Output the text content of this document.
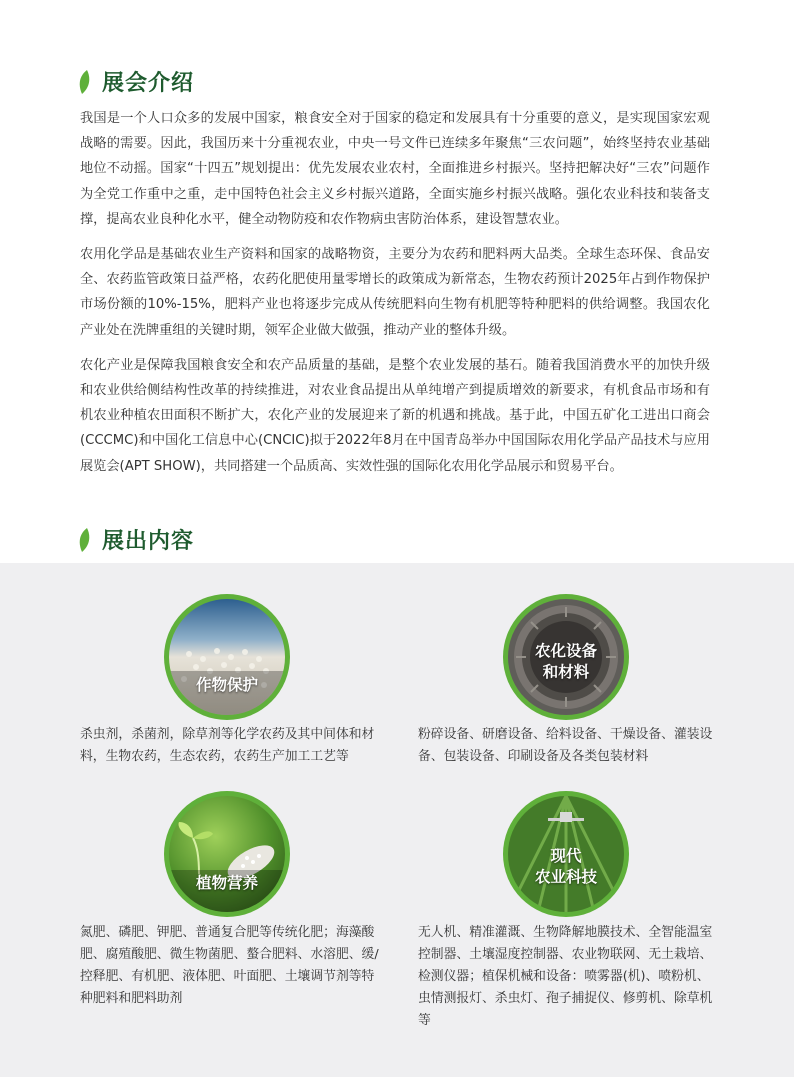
展会介绍

我国是一个人口众多的发展中国家，粮食安全对于国家的稳定和发展具有十分重要的意义，是实现国家宏观战略的需要。因此，我国历来十分重视农业，中央一号文件已连续多年聚焦“三农问题”，始终坚持农业基础地位不动摇。国家“十四五”规划提出：优先发展农业农村，全面推进乡村振兴。坚持把解决好“三农”问题作为全党工作重中之重，走中国特色社会主义乡村振兴道路，全面实施乡村振兴战略。强化农业科技和装备支撑，提高农业良种化水平，健全动物防疫和农作物病虫害防治体系，建设智慧农业。

农用化学品是基础农业生产资料和国家的战略物资，主要分为农药和肥料两大品类。全球生态环保、食品安全、农药监管政策日益严格，农药化肥使用量零增长的政策成为新常态，生物农药预计2025年占到作物保护市场份额的10%-15%，肥料产业也将逐步完成从传统肥料向生物有机肥等特种肥料的供给调整。我国农化产业处在洗牌重组的关键时期，领军企业做大做强，推动产业的整体升级。

农化产业是保障我国粮食安全和农产品质量的基础，是整个农业发展的基石。随着我国消费水平的加快升级和农业供给侧结构性改革的持续推进，对农业食品提出从单纯增产到提质增效的新要求，有机食品市场和有机农业种植农田面积不断扩大，农化产业的发展迎来了新的机遇和挑战。基于此，中国五矿化工进出口商会(CCCMC)和中国化工信息中心(CNCIC)拟于2022年8月在中国青岛举办中国国际农用化学品产品技术与应用展览会(APT SHOW)，共同搭建一个品质高、实效性强的国际化农用化学品展示和贸易平台。

展出内容
作物保护
杀虫剂，杀菌剂，除草剂等化学农药及其中间体和材料，生物农药，生态农药，农药生产加工工艺等
农化设备
和材料
粉碎设备、研磨设备、给料设备、干燥设备、灌装设备、包装设备、印刷设备及各类包装材料
植物营养
氮肥、磷肥、钾肥、普通复合肥等传统化肥；海藻酸肥、腐殖酸肥、微生物菌肥、螯合肥料、水溶肥、缓/控释肥、有机肥、液体肥、叶面肥、土壤调节剂等特种肥料和肥料助剂
现代
农业科技
无人机、精准灌溉、生物降解地膜技术、全智能温室控制器、土壤湿度控制器、农业物联网、无土栽培、检测仪器；植保机械和设备：喷雾器(机)、喷粉机、虫情测报灯、杀虫灯、孢子捕捉仪、修剪机、除草机等
